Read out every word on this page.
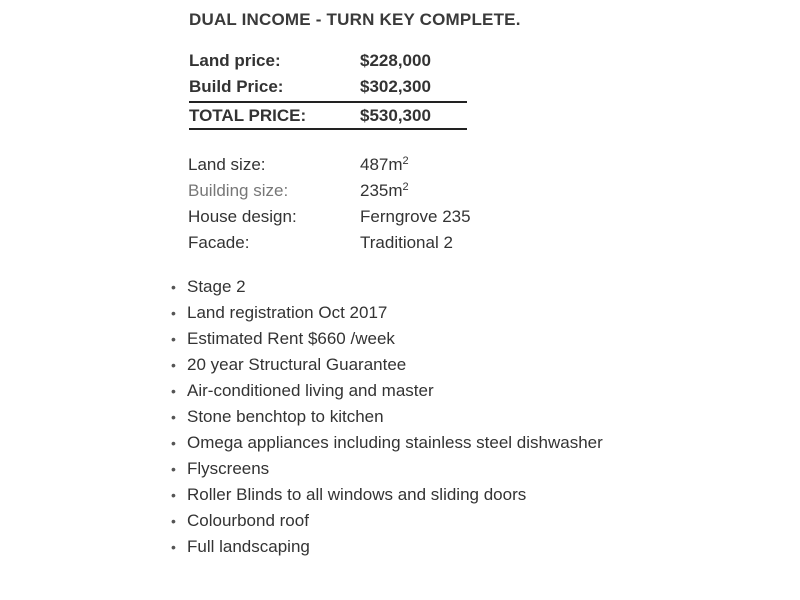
DUAL INCOME - TURN KEY COMPLETE.
Land price:	$228,000
Build Price:	$302,300
TOTAL PRICE:	$530,300
Land size:	$487m^2$
Building size:	$235m^2$
House design:	Ferngrove 235
Facade:	Traditional 2
• Stage 2
• Land registration Oct 2017
• Estimated Rent $660 /week
• 20 year Structural Guarantee
• Air-conditioned living and master
• Stone benchtop to kitchen
• Omega appliances including stainless steel dishwasher
• Flyscreens
• Roller Blinds to all windows and sliding doors
• Colourbond roof
• Full landscaping
